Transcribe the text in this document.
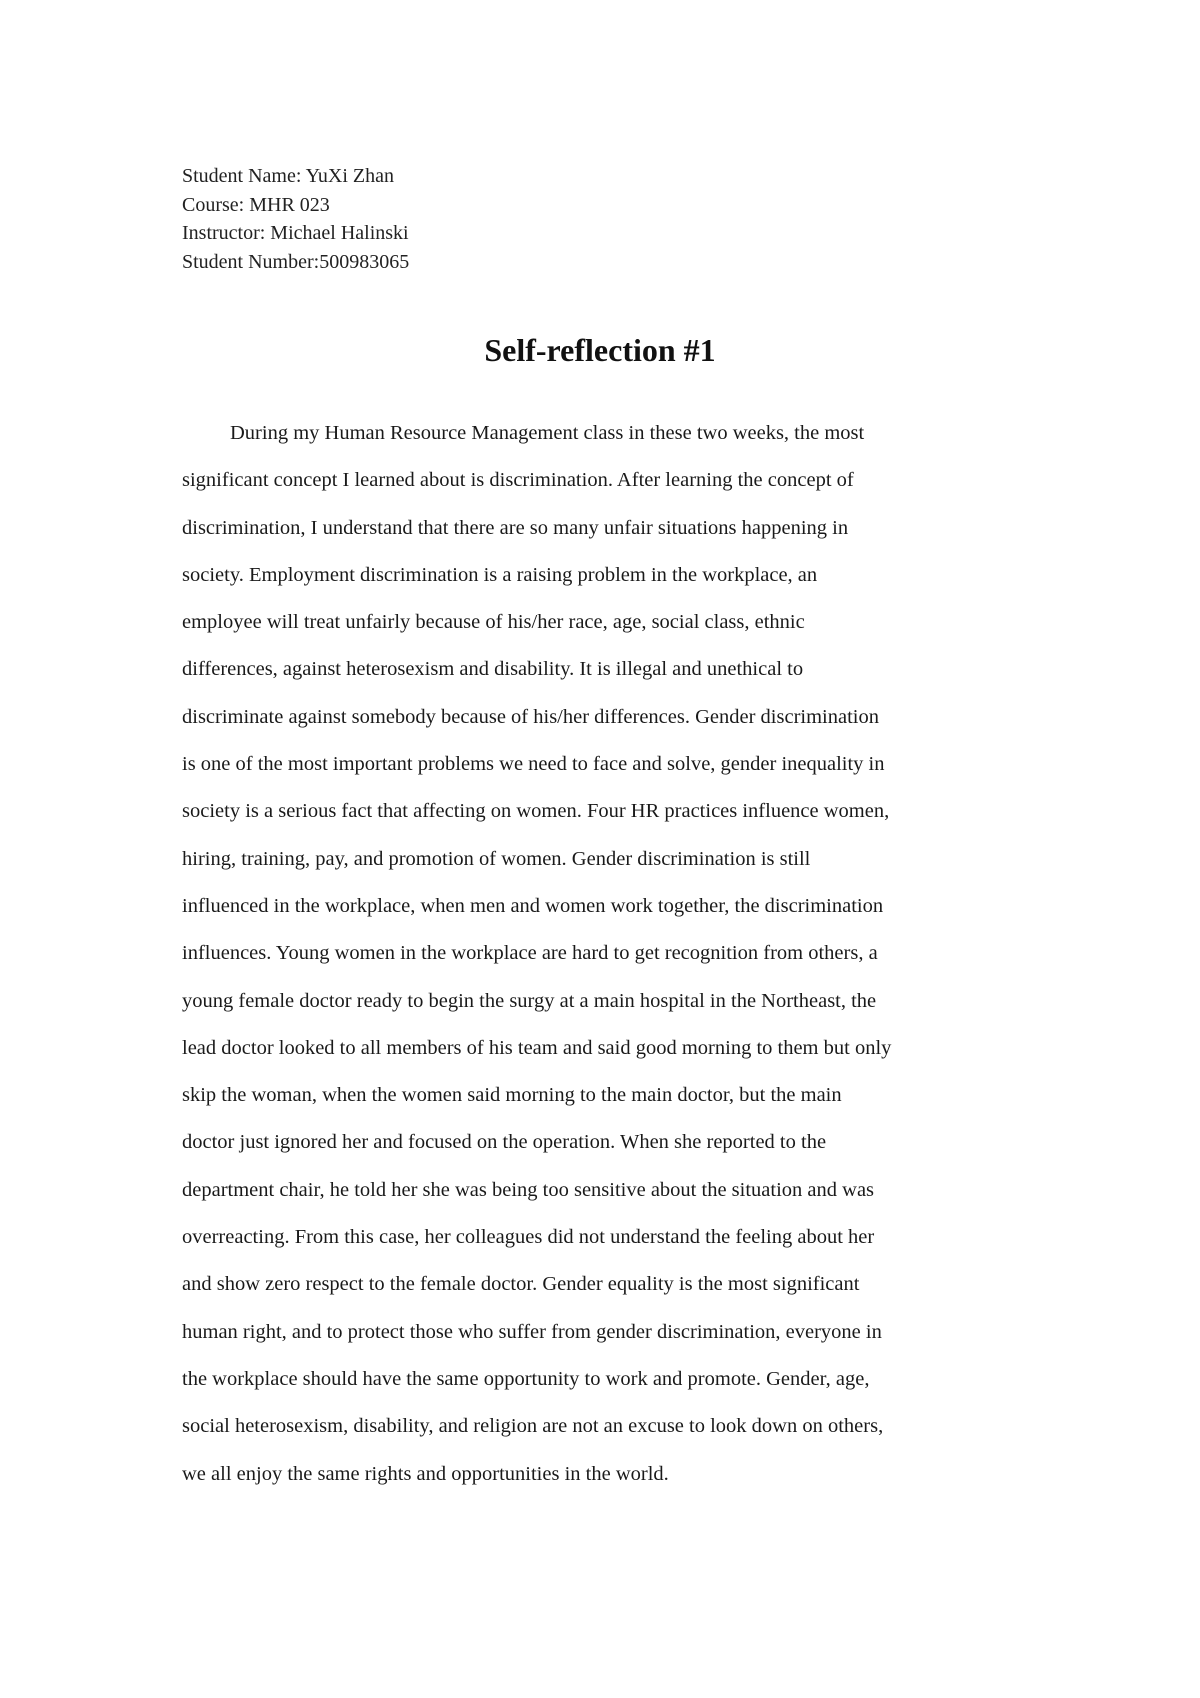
Student Name: YuXi Zhan
Course: MHR 023
Instructor: Michael Halinski
Student Number:500983065
Self-reflection #1
During my Human Resource Management class in these two weeks, the most
significant concept I learned about is discrimination. After learning the concept of
discrimination, I understand that there are so many unfair situations happening in
society. Employment discrimination is a raising problem in the workplace, an
employee will treat unfairly because of his/her race, age, social class, ethnic
differences, against heterosexism and disability. It is illegal and unethical to
discriminate against somebody because of his/her differences. Gender discrimination
is one of the most important problems we need to face and solve, gender inequality in
society is a serious fact that affecting on women. Four HR practices influence women,
hiring, training, pay, and promotion of women. Gender discrimination is still
influenced in the workplace, when men and women work together, the discrimination
influences. Young women in the workplace are hard to get recognition from others, a
young female doctor ready to begin the surgy at a main hospital in the Northeast, the
lead doctor looked to all members of his team and said good morning to them but only
skip the woman, when the women said morning to the main doctor, but the main
doctor just ignored her and focused on the operation. When she reported to the
department chair, he told her she was being too sensitive about the situation and was
overreacting. From this case, her colleagues did not understand the feeling about her
and show zero respect to the female doctor. Gender equality is the most significant
human right, and to protect those who suffer from gender discrimination, everyone in
the workplace should have the same opportunity to work and promote. Gender, age,
social heterosexism, disability, and religion are not an excuse to look down on others,
we all enjoy the same rights and opportunities in the world.
